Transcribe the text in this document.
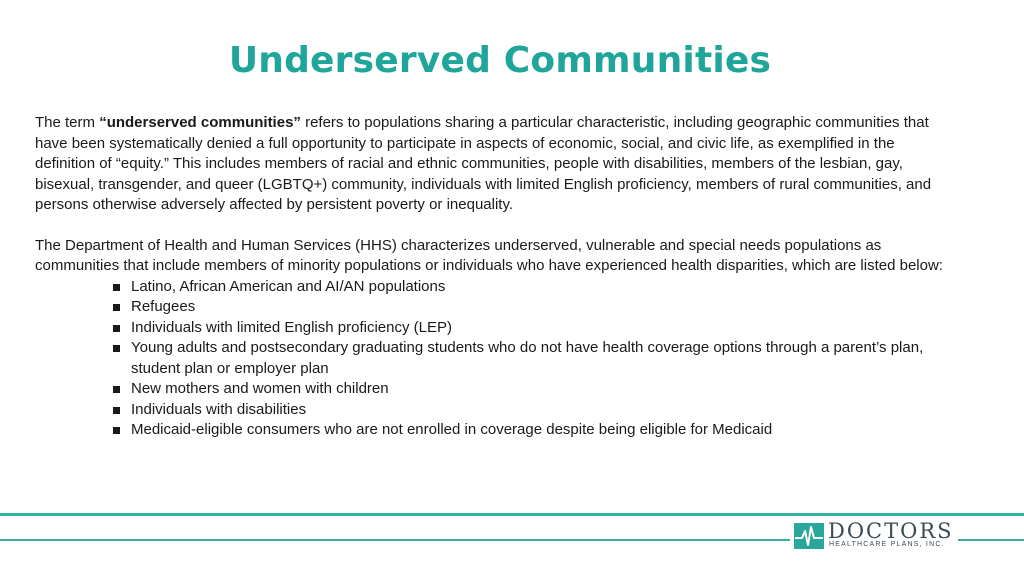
Underserved Communities

The term “underserved communities” refers to populations sharing a particular characteristic, including geographic communities that have been systematically denied a full opportunity to participate in aspects of economic, social, and civic life, as exemplified in the definition of “equity.” This includes members of racial and ethnic communities, people with disabilities, members of the lesbian, gay, bisexual, transgender, and queer (LGBTQ+) community, individuals with limited English proficiency, members of rural communities, and persons otherwise adversely affected by persistent poverty or inequality.

The Department of Health and Human Services (HHS) characterizes underserved, vulnerable and special needs populations as communities that include members of minority populations or individuals who have experienced health disparities, which are listed below:

Latino, African American and AI/AN populations
Refugees
Individuals with limited English proficiency (LEP)
Young adults and postsecondary graduating students who do not have health coverage options through a parent’s plan, student plan or employer plan
New mothers and women with children
Individuals with disabilities
Medicaid-eligible consumers who are not enrolled in coverage despite being eligible for Medicaid
DOCTORS
HEALTHCARE PLANS, INC.
